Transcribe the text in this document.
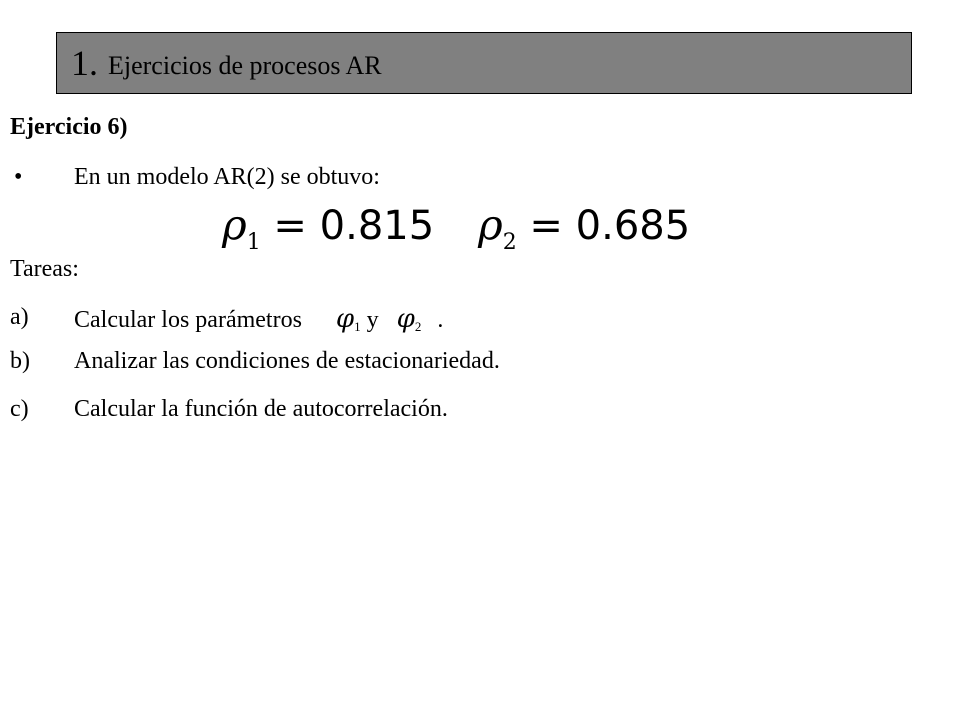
1. Ejercicios de procesos AR
Ejercicio 6)
• En un modelo AR(2) se obtuvo:
$\rho_1 = 0.815$ $\rho_2 = 0.685$
Tareas:
a) Calcular los parámetros φ1 y φ2 .
b) Analizar las condiciones de estacionariedad.
c) Calcular la función de autocorrelación.
